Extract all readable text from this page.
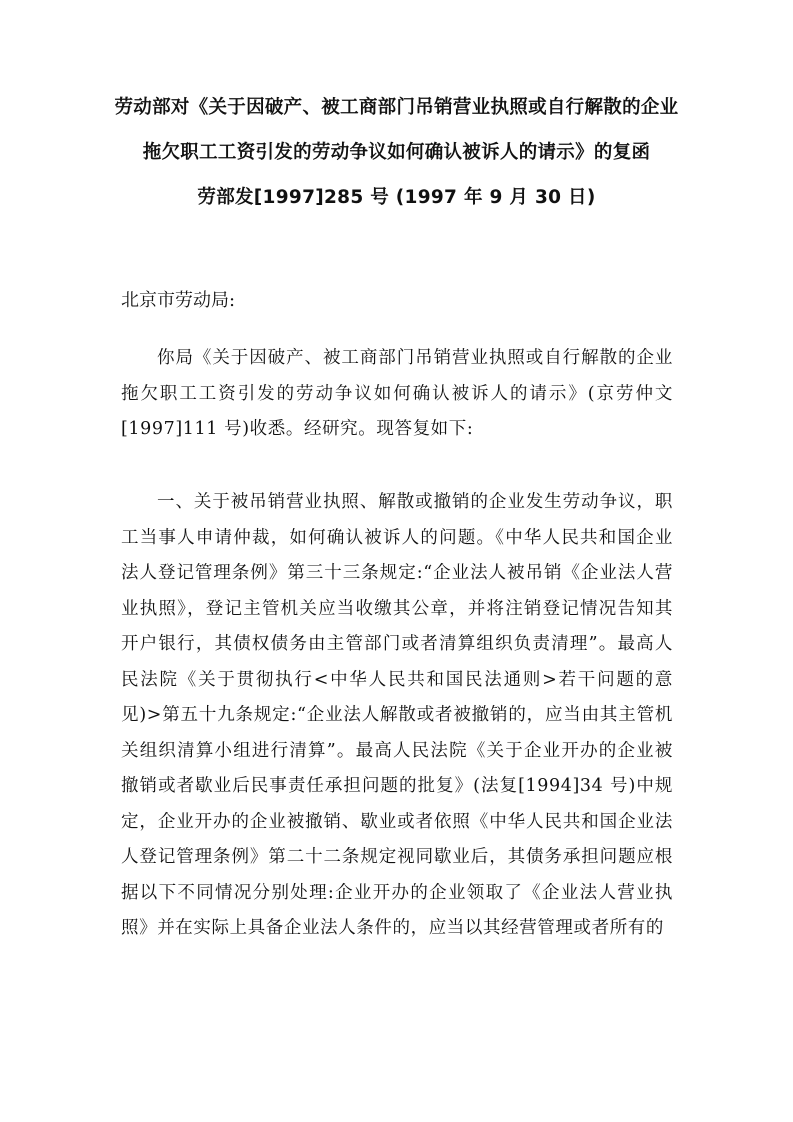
劳动部对《关于因破产、被工商部门吊销营业执照或自行解散的企业
拖欠职工工资引发的劳动争议如何确认被诉人的请示》的复函
劳部发[1997]285 号 (1997 年 9 月 30 日)
北京市劳动局:
你局《关于因破产、被工商部门吊销营业执照或自行解散的企业拖欠职工工资引发的劳动争议如何确认被诉人的请示》(京劳仲文[1997]111 号)收悉。经研究。现答复如下:
一、关于被吊销营业执照、解散或撤销的企业发生劳动争议，职工当事人申请仲裁，如何确认被诉人的问题。《中华人民共和国企业法人登记管理条例》第三十三条规定:“企业法人被吊销《企业法人营业执照》，登记主管机关应当收缴其公章，并将注销登记情况告知其开户银行，其债权债务由主管部门或者清算组织负责清理”。最高人民法院《关于贯彻执行<中华人民共和国民法通则>若干问题的意见)>第五十九条规定:“企业法人解散或者被撤销的，应当由其主管机关组织清算小组进行清算”。最高人民法院《关于企业开办的企业被撤销或者歇业后民事责任承担问题的批复》(法复[1994]34 号)中规定，企业开办的企业被撤销、歇业或者依照《中华人民共和国企业法人登记管理条例》第二十二条规定视同歇业后，其债务承担问题应根据以下不同情况分别处理:企业开办的企业领取了《企业法人营业执照》并在实际上具备企业法人条件的，应当以其经营管理或者所有的
